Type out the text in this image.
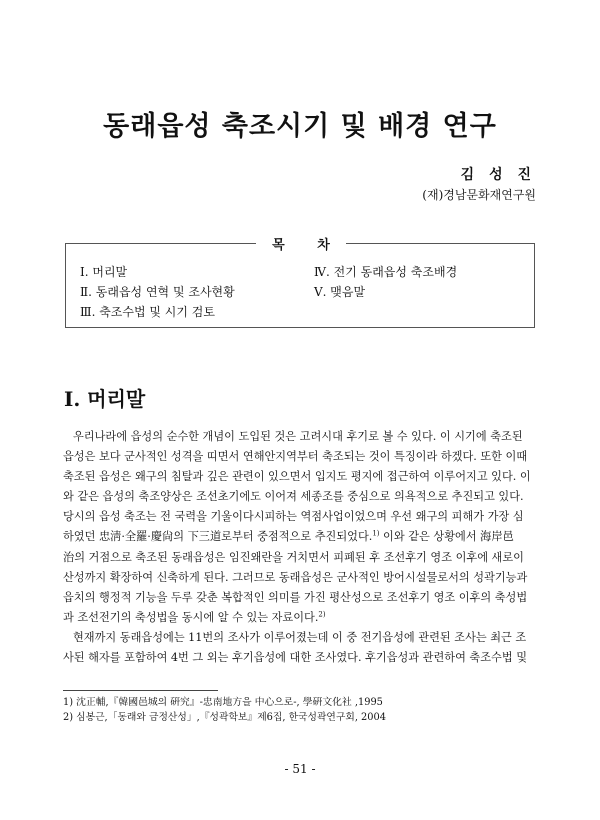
동래읍성 축조시기 및 배경 연구
김 성 진
(재)경남문화재연구원
목 차
Ⅰ. 머리말
Ⅱ. 동래읍성 연혁 및 조사현황
Ⅲ. 축조수법 및 시기 검토
Ⅳ. 전기 동래읍성 축조배경
Ⅴ. 맺음말
Ⅰ. 머리말
우리나라에 읍성의 순수한 개념이 도입된 것은 고려시대 후기로 볼 수 있다. 이 시기에 축조된
읍성은 보다 군사적인 성격을 띠면서 연해안지역부터 축조되는 것이 특징이라 하겠다. 또한 이때
축조된 읍성은 왜구의 침탈과 깊은 관련이 있으면서 입지도 평지에 접근하여 이루어지고 있다. 이
와 같은 읍성의 축조양상은 조선초기에도 이어져 세종조를 중심으로 의욕적으로 추진되고 있다.
당시의 읍성 축조는 전 국력을 기울이다시피하는 역점사업이었으며 우선 왜구의 피해가 가장 심
하였던 忠淸·全羅·慶尙의 下三道로부터 중점적으로 추진되었다.$^{1)}$ 이와 같은 상황에서 海岸邑
治의 거점으로 축조된 동래읍성은 임진왜란을 거치면서 피폐된 후 조선후기 영조 이후에 새로이
산성까지 확장하여 신축하게 된다. 그러므로 동래읍성은 군사적인 방어시설물로서의 성곽기능과
읍치의 행정적 기능을 두루 갖춘 복합적인 의미를 가진 평산성으로 조선후기 영조 이후의 축성법
과 조선전기의 축성법을 동시에 알 수 있는 자료이다.$^{2)}$
현재까지 동래읍성에는 11번의 조사가 이루어졌는데 이 중 전기읍성에 관련된 조사는 최근 조
사된 해자를 포함하여 4번 그 외는 후기읍성에 대한 조사였다. 후기읍성과 관련하여 축조수법 및
1) 沈正輔,『韓國邑城의 硏究』-忠南地方을 中心으로-, 學硏文化社 ,1995
2) 심봉근,「동래와 금정산성」,『성곽학보』제6집, 한국성곽연구회, 2004
- 51 -
